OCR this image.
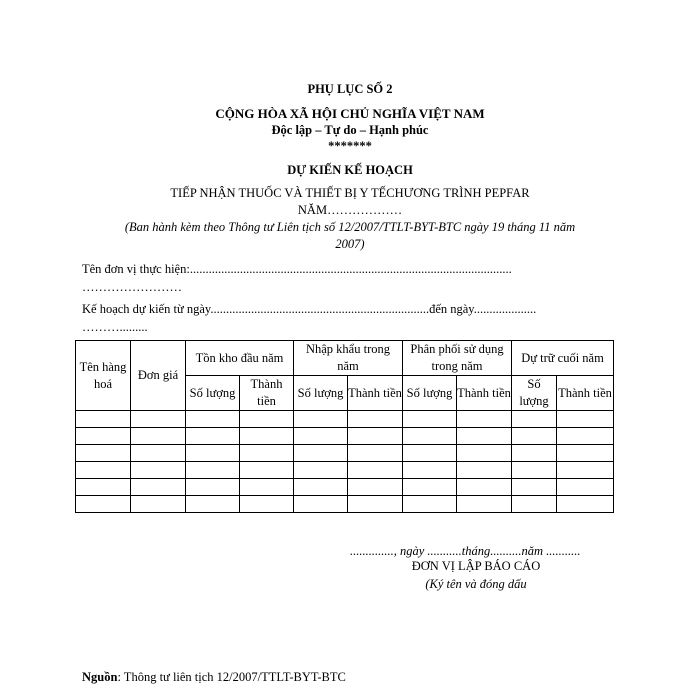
PHỤ LỤC SỐ 2
CỘNG HÒA XÃ HỘI CHỦ NGHĨA VIỆT NAM
Độc lập – Tự do – Hạnh phúc
*******
DỰ KIẾN KẾ HOẠCH
TIẾP NHẬN THUỐC VÀ THIẾT BỊ Y TẾCHƯƠNG TRÌNH PEPFAR
NĂM………………
(Ban hành kèm theo Thông tư Liên tịch số 12/2007/TTLT-BYT-BTC ngày 19 tháng 11 năm
2007)
Tên đơn vị thực hiện:.......................................................................................................
……………………
Kế hoạch dự kiến từ ngày......................................................................đến ngày....................
……….........
Tên hàng hoá	Đơn giá	Tồn kho đầu năm		Nhập khẩu trong năm		Phân phối sử dụng trong năm		Dự trữ cuối năm	
		Số lượng	Thành tiền	Số lượng	Thành tiền	Số lượng	Thành tiền	Số lượng	Thành tiền

.............., ngày ...........tháng..........năm ...........
ĐƠN VỊ LẬP BÁO CÁO
(Ký tên và đóng dấu
Nguồn: Thông tư liên tịch 12/2007/TTLT-BYT-BTC
